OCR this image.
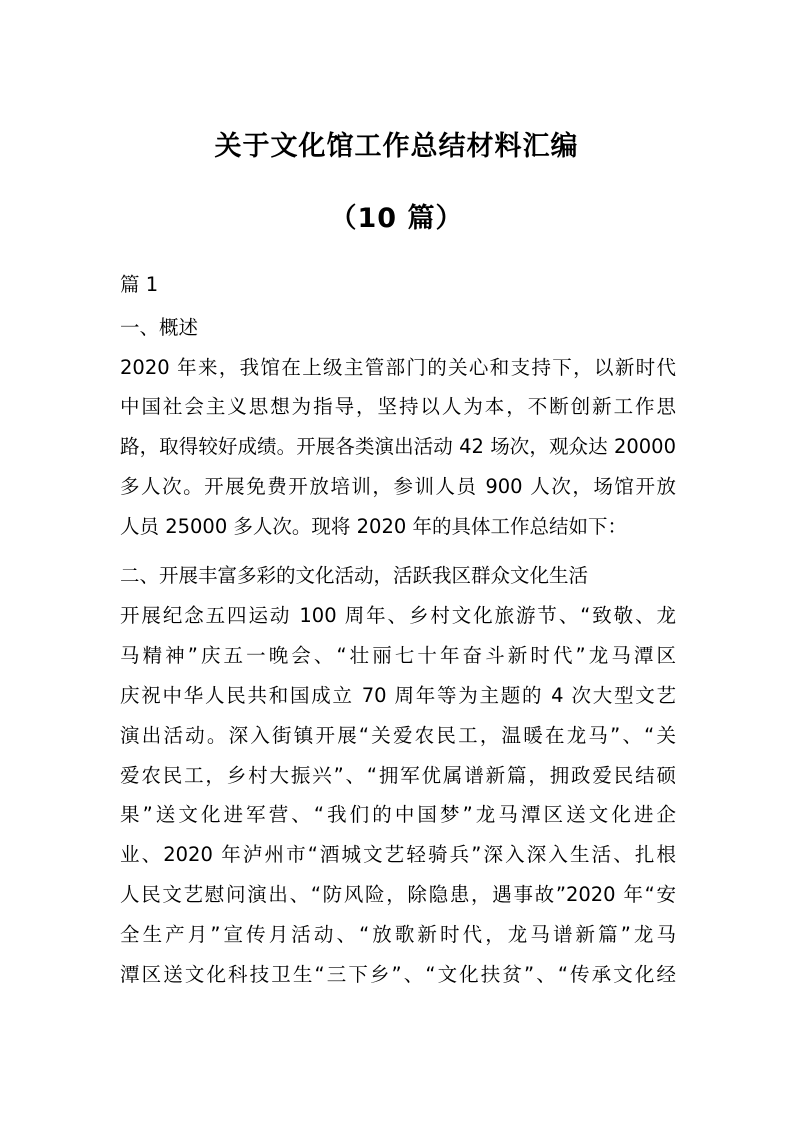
关于文化馆工作总结材料汇编
（10 篇）
篇 1
一、概述
2020 年来，我馆在上级主管部门的关心和支持下，以新时代
中国社会主义思想为指导，坚持以人为本，不断创新工作思
路，取得较好成绩。开展各类演出活动 42 场次，观众达 20000
多人次。开展免费开放培训，参训人员 900 人次，场馆开放
人员 25000 多人次。现将 2020 年的具体工作总结如下：
二、开展丰富多彩的文化活动，活跃我区群众文化生活
开展纪念五四运动 100 周年、乡村文化旅游节、“致敬、龙
马精神”庆五一晚会、“壮丽七十年奋斗新时代”龙马潭区
庆祝中华人民共和国成立 70 周年等为主题的 4 次大型文艺
演出活动。深入街镇开展“关爱农民工，温暖在龙马”、“关
爱农民工，乡村大振兴”、“拥军优属谱新篇，拥政爱民结硕
果”送文化进军营、“我们的中国梦”龙马潭区送文化进企
业、2020 年泸州市“酒城文艺轻骑兵”深入深入生活、扎根
人民文艺慰问演出、“防风险，除隐患，遇事故”2020 年“安
全生产月”宣传月活动、“放歌新时代，龙马谱新篇”龙马
潭区送文化科技卫生“三下乡”、“文化扶贫”、“传承文化经
